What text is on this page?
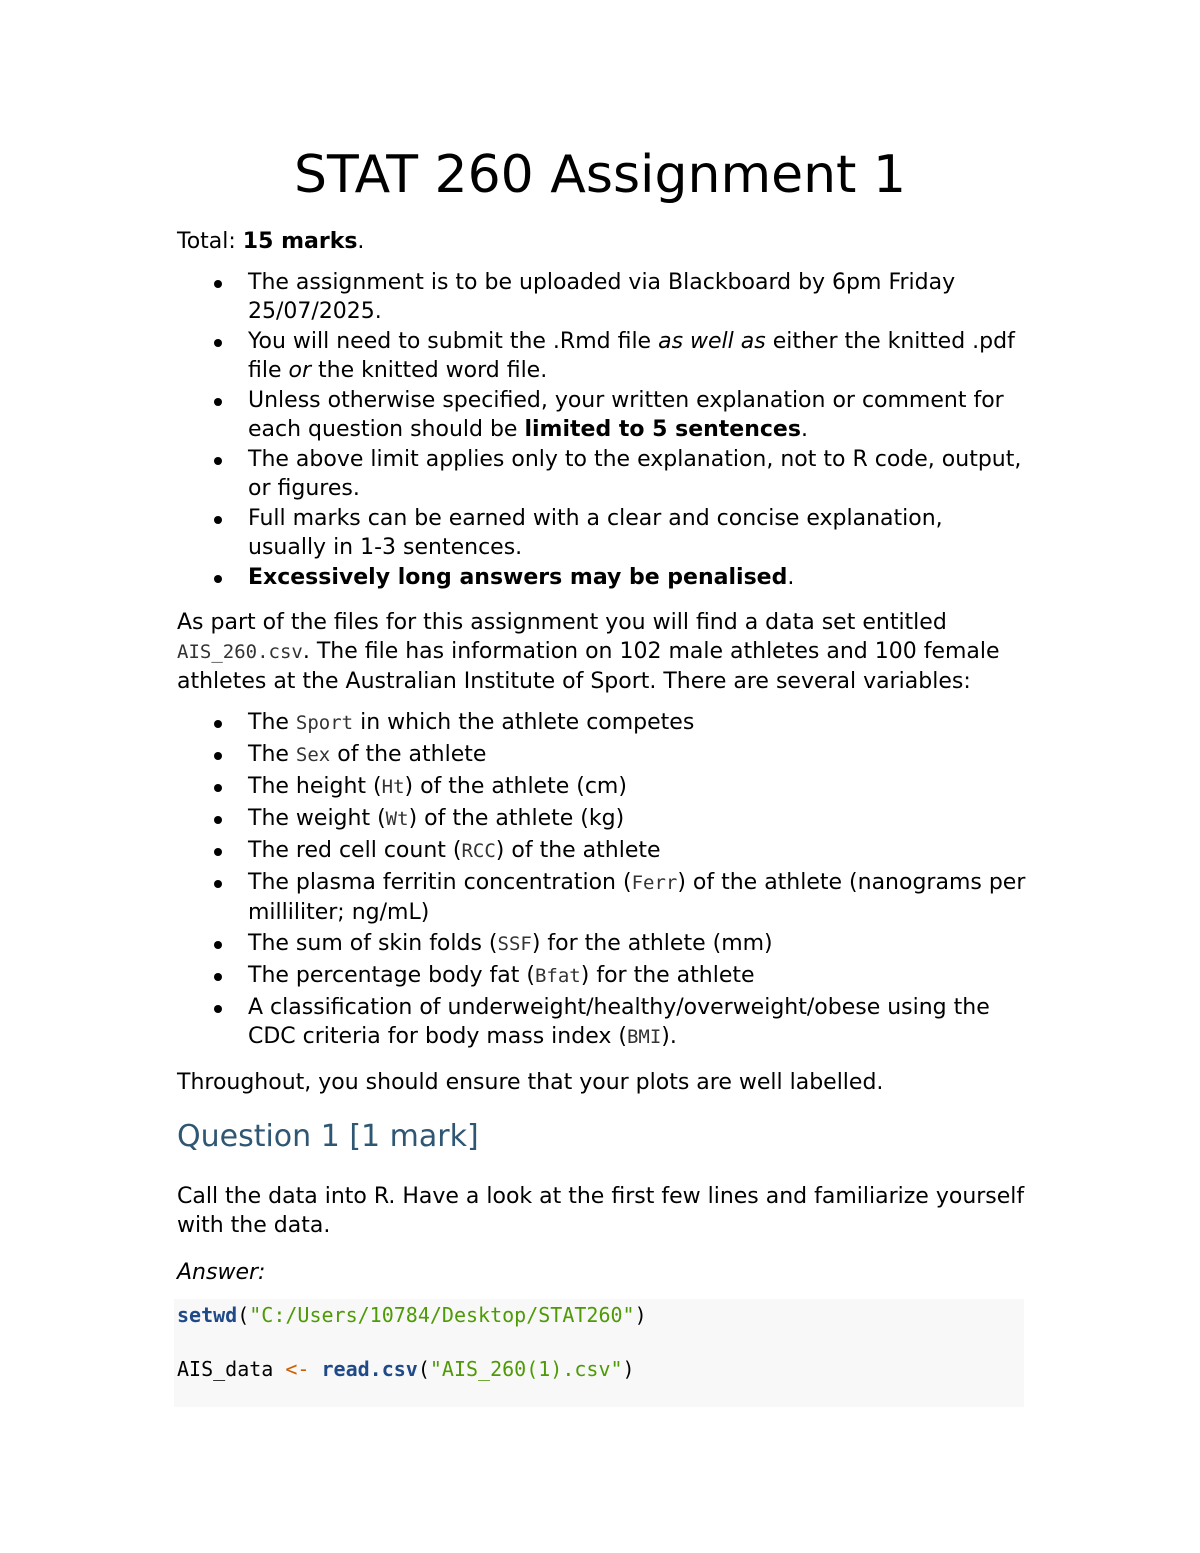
STAT 260 Assignment 1

Total: 15 marks.

The assignment is to be uploaded via Blackboard by 6pm Friday 25/07/2025.
You will need to submit the .Rmd file as well as either the knitted .pdf file or the knitted word file.
Unless otherwise specified, your written explanation or comment for each question should be limited to 5 sentences.
The above limit applies only to the explanation, not to R code, output, or figures.
Full marks can be earned with a clear and concise explanation, usually in 1-3 sentences.
Excessively long answers may be penalised.

As part of the files for this assignment you will find a data set entitled AIS_260.csv. The file has information on 102 male athletes and 100 female athletes at the Australian Institute of Sport. There are several variables:

The Sport in which the athlete competes
The Sex of the athlete
The height (Ht) of the athlete (cm)
The weight (Wt) of the athlete (kg)
The red cell count (RCC) of the athlete
The plasma ferritin concentration (Ferr) of the athlete (nanograms per milliliter; ng/mL)
The sum of skin folds (SSF) for the athlete (mm)
The percentage body fat (Bfat) for the athlete
A classification of underweight/healthy/overweight/obese using the CDC criteria for body mass index (BMI).

Throughout, you should ensure that your plots are well labelled.

Question 1 [1 mark]

Call the data into R. Have a look at the first few lines and familiarize yourself with the data.

Answer:

setwd("C:/Users/10784/Desktop/STAT260")
AIS_data <- read.csv("AIS_260(1).csv")
